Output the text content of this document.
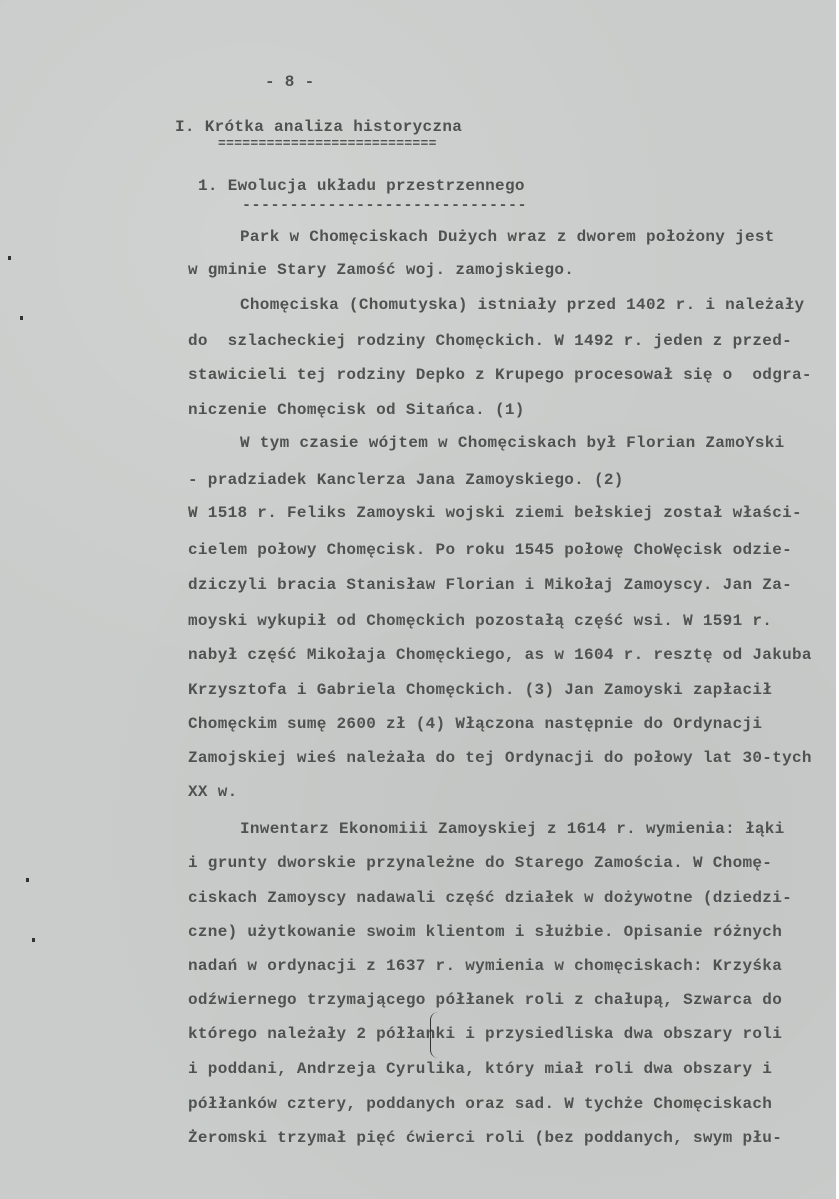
- 8 -
I. Krótka analiza historyczna
===========================
1. Ewolucja układu przestrzennego
------------------------------
Park w Chomęciskach Dużych wraz z dworem położony jest
w gminie Stary Zamość woj. zamojskiego.
Chomęciska (Chomutyska) istniały przed 1402 r. i należały
do  szlacheckiej rodziny Chomęckich. W 1492 r. jeden z przed-
stawicieli tej rodziny Depko z Krupego procesował się o  odgra-
niczenie Chomęcisk od Sitańca. (1)
W tym czasie wójtem w Chomęciskach był Florian ZamoYski
- pradziadek Kanclerza Jana Zamoyskiego. (2)
W 1518 r. Feliks Zamoyski wojski ziemi bełskiej został właści-
cielem połowy Chomęcisk. Po roku 1545 połowę ChoWęcisk odzie-
dziczyli bracia Stanisław Florian i Mikołaj Zamoyscy. Jan Za-
moyski wykupił od Chomęckich pozostałą część wsi. W 1591 r.
nabył część Mikołaja Chomęckiego, as w 1604 r. resztę od Jakuba
Krzysztofa i Gabriela Chomęckich. (3) Jan Zamoyski zapłacił
Chomęckim sumę 2600 zł (4) Włączona następnie do Ordynacji
Zamojskiej wieś należała do tej Ordynacji do połowy lat 30-tych
XX w.
Inwentarz Ekonomiii Zamoyskiej z 1614 r. wymienia: łąki
i grunty dworskie przynależne do Starego Zamościa. W Chomę-
ciskach Zamoyscy nadawali część działek w dożywotne (dziedzi-
czne) użytkowanie swoim klientom i służbie. Opisanie różnych
nadań w ordynacji z 1637 r. wymienia w chomęciskach: Krzyśka
odźwiernego trzymającego półłanek roli z chałupą, Szwarca do
którego należały 2 półłanki i przysiedliska dwa obszary roli
i poddani, Andrzeja Cyrulika, który miał roli dwa obszary i
półłanków cztery, poddanych oraz sad. W tychże Chomęciskach
Żeromski trzymał pięć ćwierci roli (bez poddanych, swym płu-
